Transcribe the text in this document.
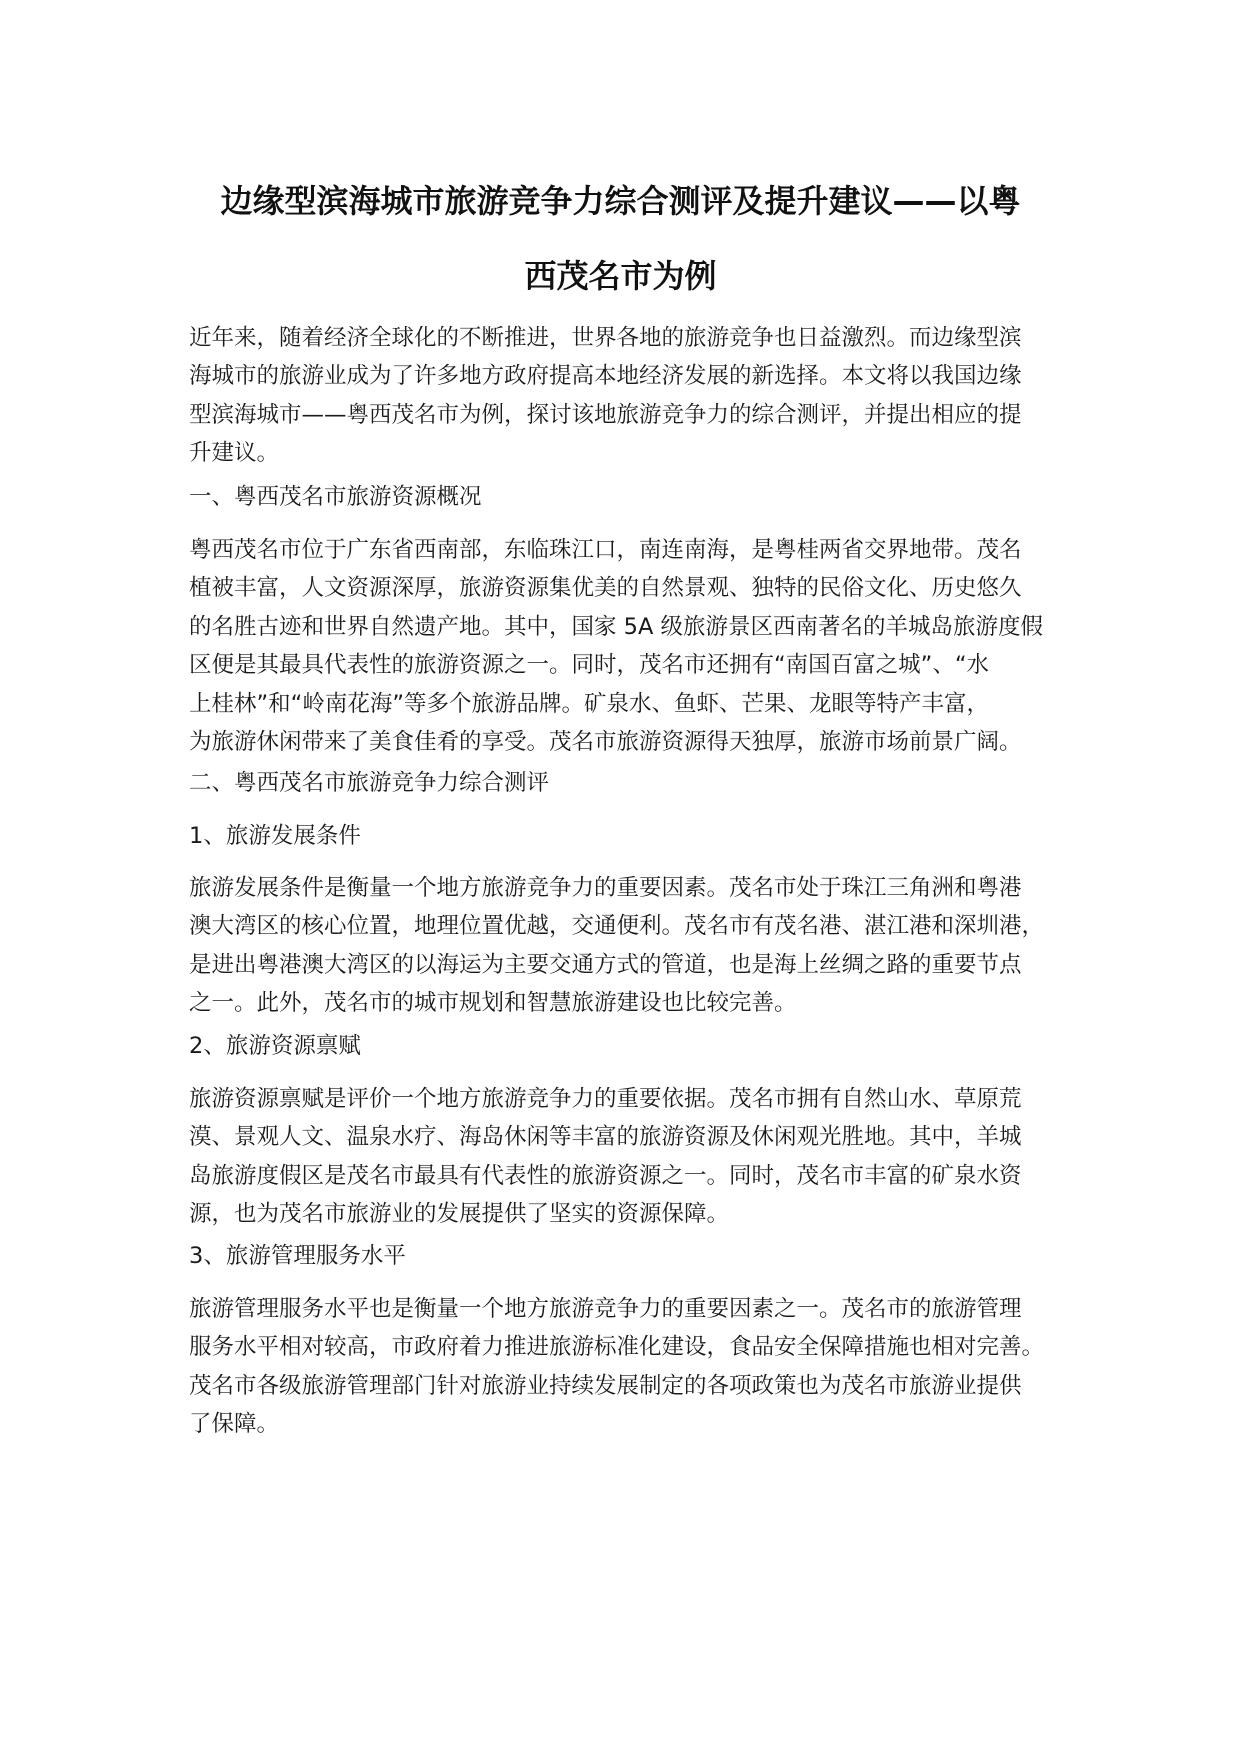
边缘型滨海城市旅游竞争力综合测评及提升建议——以粤
西茂名市为例
近年来，随着经济全球化的不断推进，世界各地的旅游竞争也日益激烈。而边缘型滨
海城市的旅游业成为了许多地方政府提高本地经济发展的新选择。本文将以我国边缘
型滨海城市——粤西茂名市为例，探讨该地旅游竞争力的综合测评，并提出相应的提
升建议。
一、粤西茂名市旅游资源概况
粤西茂名市位于广东省西南部，东临珠江口，南连南海，是粤桂两省交界地带。茂名
植被丰富，人文资源深厚，旅游资源集优美的自然景观、独特的民俗文化、历史悠久
的名胜古迹和世界自然遗产地。其中，国家 5A 级旅游景区西南著名的羊城岛旅游度假
区便是其最具代表性的旅游资源之一。同时，茂名市还拥有“南国百富之城”、“水
上桂林”和“岭南花海”等多个旅游品牌。矿泉水、鱼虾、芒果、龙眼等特产丰富，
为旅游休闲带来了美食佳肴的享受。茂名市旅游资源得天独厚，旅游市场前景广阔。
二、粤西茂名市旅游竞争力综合测评
1、旅游发展条件
旅游发展条件是衡量一个地方旅游竞争力的重要因素。茂名市处于珠江三角洲和粤港
澳大湾区的核心位置，地理位置优越，交通便利。茂名市有茂名港、湛江港和深圳港，
是进出粤港澳大湾区的以海运为主要交通方式的管道，也是海上丝绸之路的重要节点
之一。此外，茂名市的城市规划和智慧旅游建设也比较完善。
2、旅游资源禀赋
旅游资源禀赋是评价一个地方旅游竞争力的重要依据。茂名市拥有自然山水、草原荒
漠、景观人文、温泉水疗、海岛休闲等丰富的旅游资源及休闲观光胜地。其中，羊城
岛旅游度假区是茂名市最具有代表性的旅游资源之一。同时，茂名市丰富的矿泉水资
源，也为茂名市旅游业的发展提供了坚实的资源保障。
3、旅游管理服务水平
旅游管理服务水平也是衡量一个地方旅游竞争力的重要因素之一。茂名市的旅游管理
服务水平相对较高，市政府着力推进旅游标准化建设，食品安全保障措施也相对完善。
茂名市各级旅游管理部门针对旅游业持续发展制定的各项政策也为茂名市旅游业提供
了保障。
